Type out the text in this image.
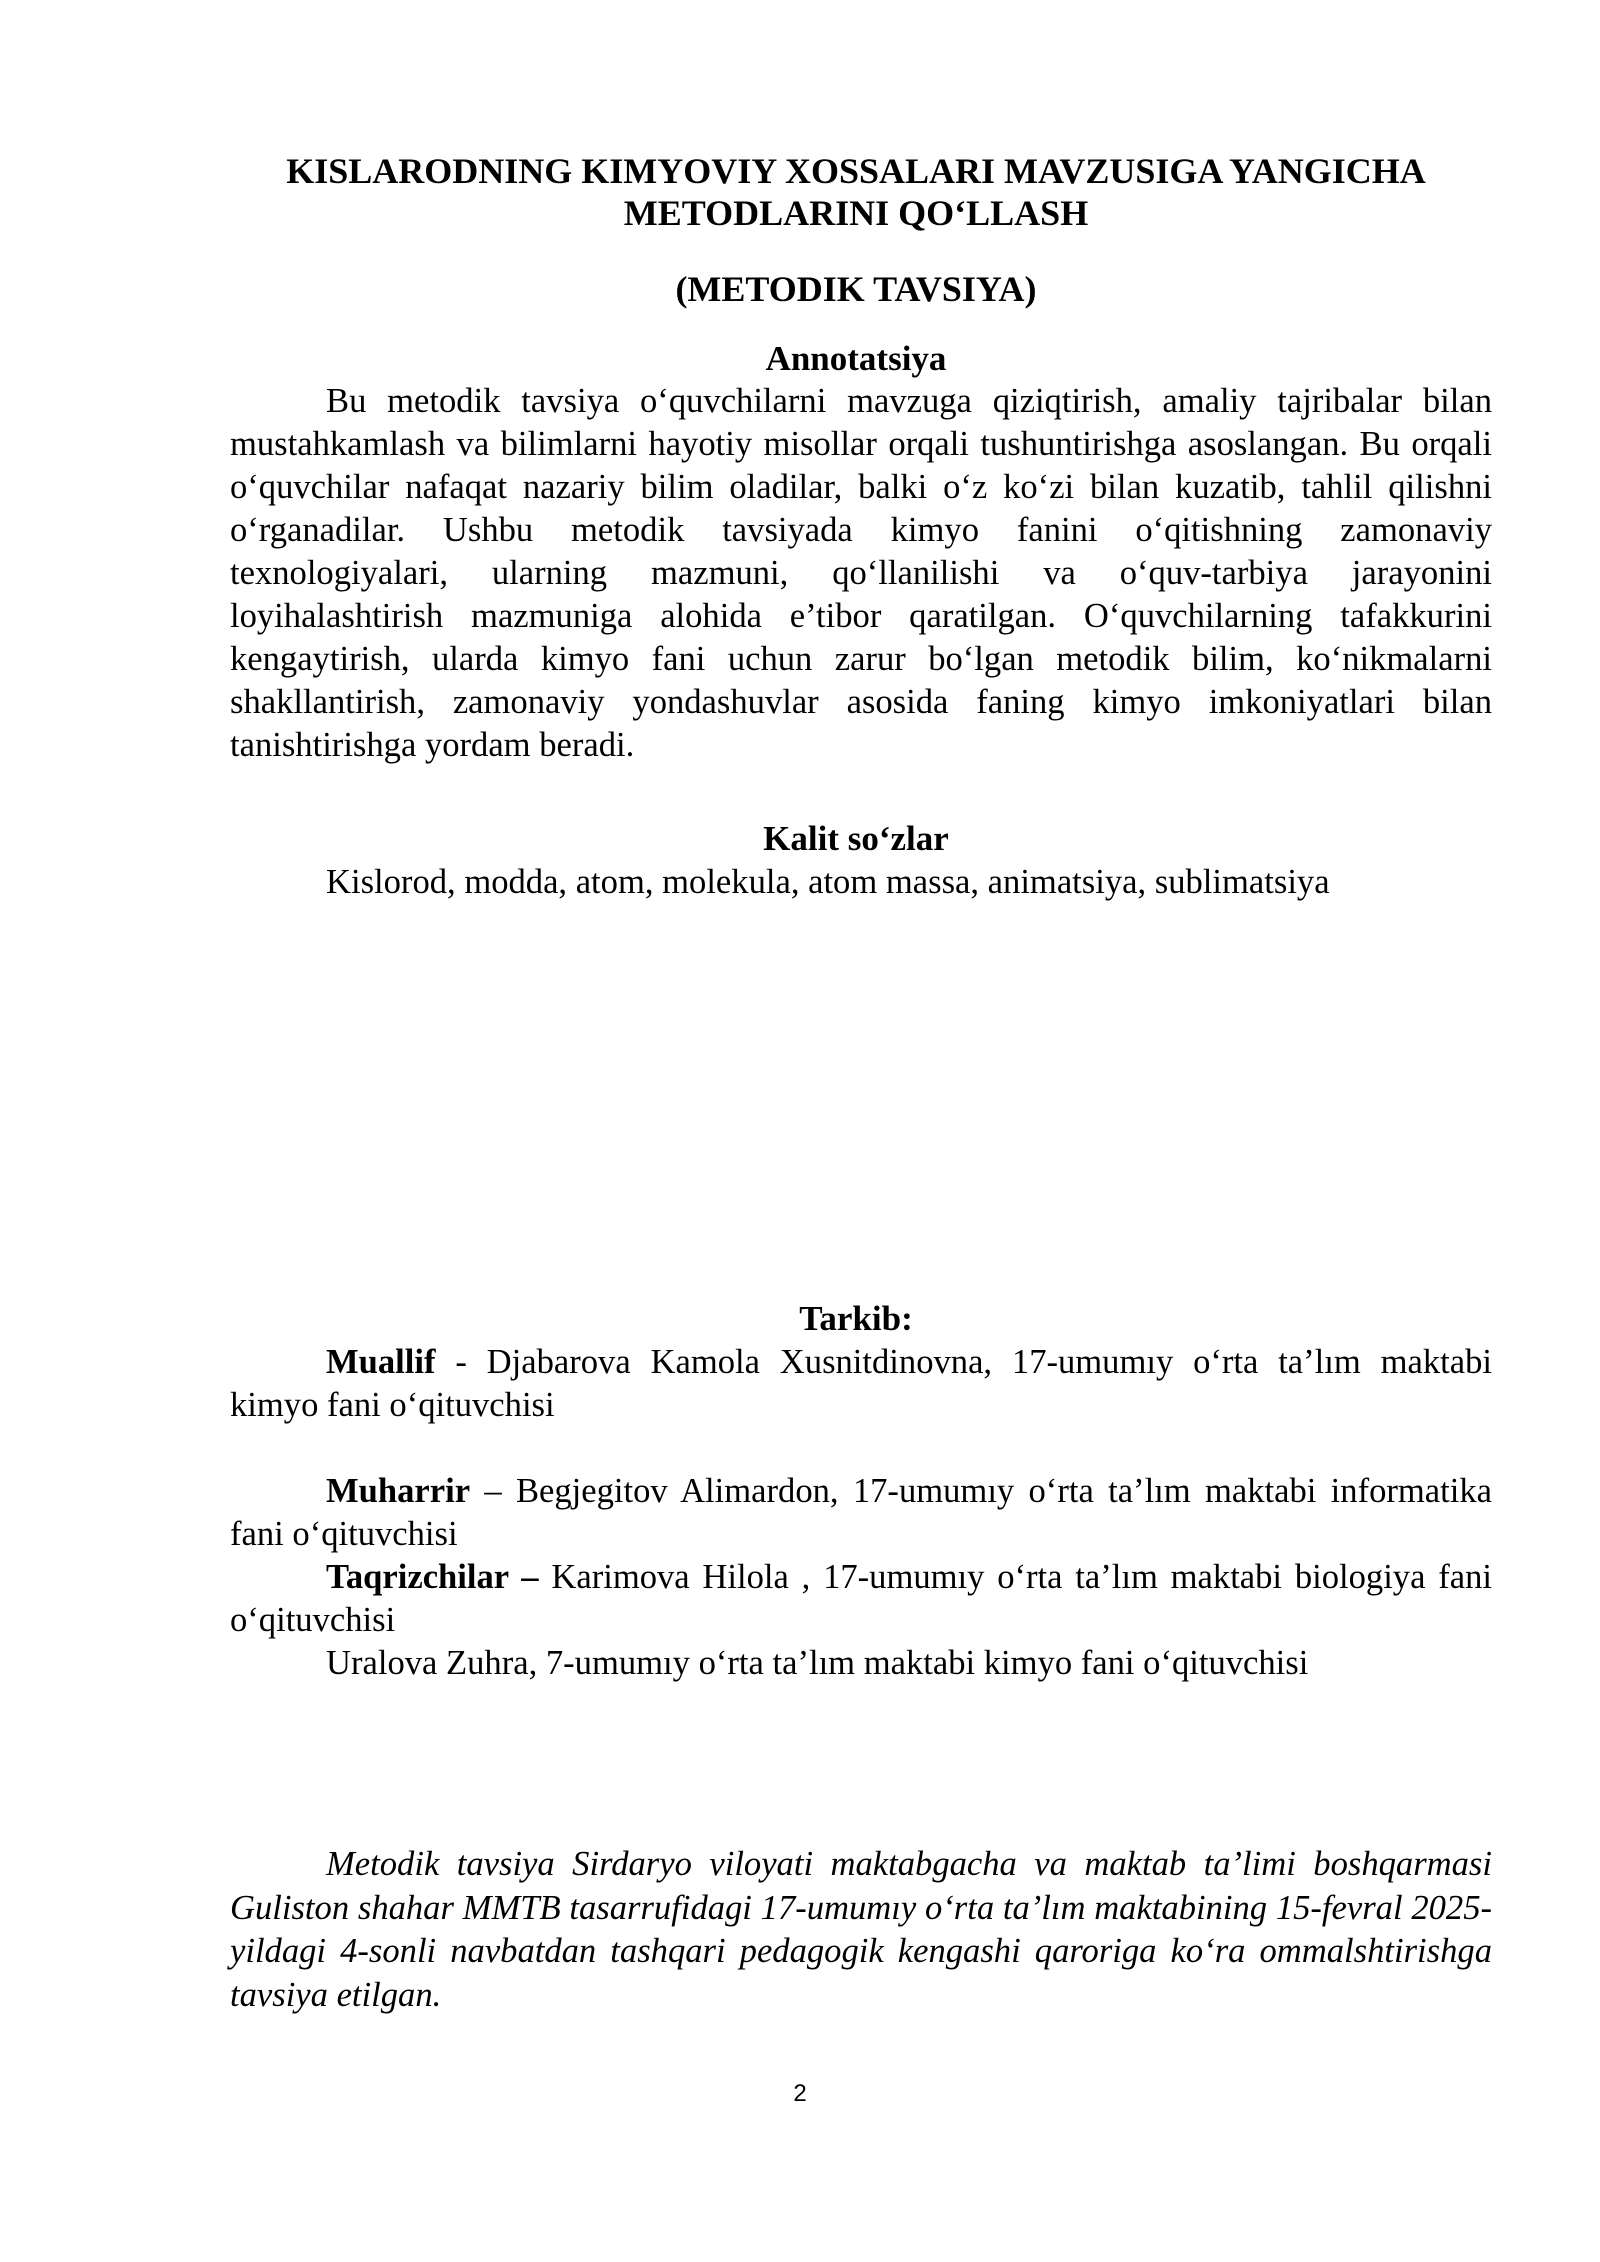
KISLARODNING KIMYOVIY XOSSALARI MAVZUSIGA YANGICHA
METODLARINI QO‘LLASH
(METODIK TAVSIYA)
Annotatsiya
Bu metodik tavsiya o‘quvchilarni mavzuga qiziqtirish, amaliy tajribalar bilan mustahkamlash va bilimlarni hayotiy misollar orqali tushuntirishga asoslangan. Bu orqali o‘quvchilar nafaqat nazariy bilim oladilar, balki o‘z ko‘zi bilan kuzatib, tahlil qilishni o‘rganadilar. Ushbu metodik tavsiyada kimyo fanini o‘qitishning zamonaviy texnologiyalari, ularning mazmuni, qo‘llanilishi va o‘quv-tarbiya jarayonini loyihalashtirish mazmuniga alohida e’tibor qaratilgan. O‘quvchilarning tafakkurini kengaytirish, ularda kimyo fani uchun zarur bo‘lgan metodik bilim, ko‘nikmalarni shakllantirish, zamonaviy yondashuvlar asosida faning kimyo imkoniyatlari bilan tanishtirishga yordam beradi.
Kalit so‘zlar
Kislorod, modda, atom, molekula, atom massa, animatsiya, sublimatsiya
Tarkib:
Muallif - Djabarova Kamola Xusnitdinovna, 17-umumıy o‘rta ta’lım maktabi kimyo fani o‘qituvchisi
Muharrir – Begjegitov Alimardon, 17-umumıy o‘rta ta’lım maktabi informatika fani o‘qituvchisi
Taqrizchilar – Karimova Hilola , 17-umumıy o‘rta ta’lım maktabi biologiya fani o‘qituvchisi
Uralova Zuhra, 7-umumıy o‘rta ta’lım maktabi kimyo fani o‘qituvchisi
Metodik tavsiya Sirdaryo viloyati maktabgacha va maktab ta’limi boshqarmasi Guliston shahar MMTB tasarrufidagi 17-umumıy o‘rta ta’lım maktabining 15-fevral 2025-yildagi 4-sonli navbatdan tashqari pedagogik kengashi qaroriga ko‘ra ommalshtirishga tavsiya etilgan.
2
